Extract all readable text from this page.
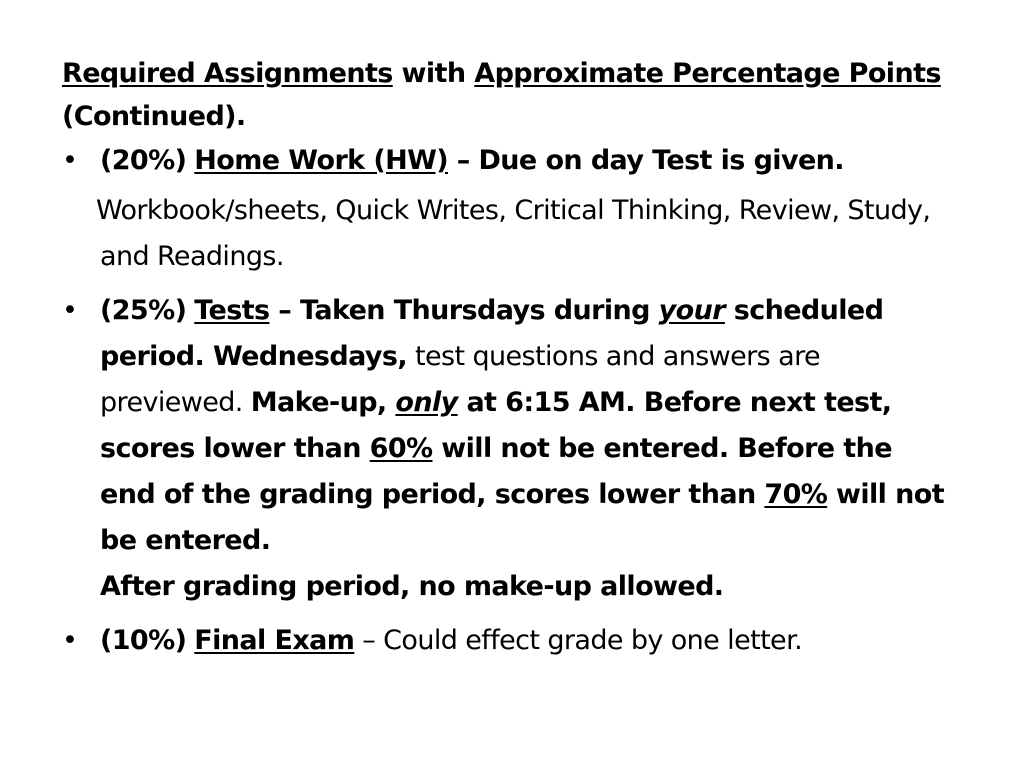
Required Assignments with Approximate Percentage Points (Continued).
• (20%) Home Work (HW) – Due on day Test is given.
Workbook/sheets, Quick Writes, Critical Thinking, Review, Study, and Readings.
• (25%) Tests – Taken Thursdays during your scheduled period. Wednesdays, test questions and answers are previewed. Make-up, only at 6:15 AM. Before next test, scores lower than 60% will not be entered. Before the end of the grading period, scores lower than 70% will not be entered.
After grading period, no make-up allowed.
• (10%) Final Exam – Could effect grade by one letter.
